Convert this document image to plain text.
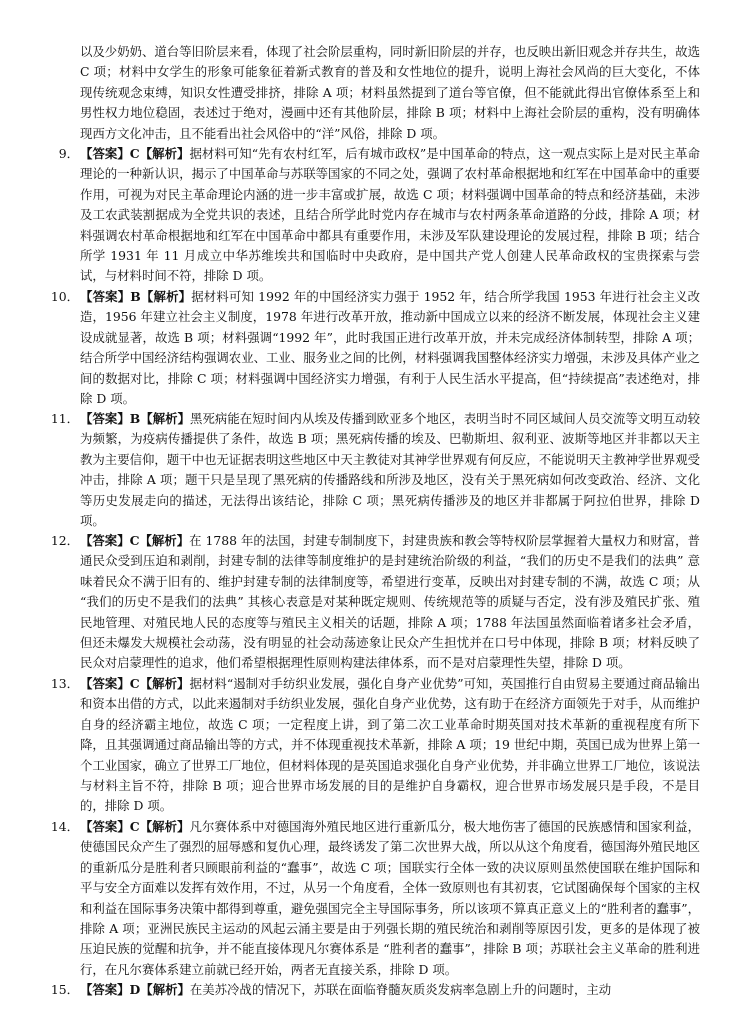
以及少奶奶、道台等旧阶层来看，体现了社会阶层重构，同时新旧阶层的并存，也反映出新旧观念并存共生，故选 C 项；材料中女学生的形象可能象征着新式教育的普及和女性地位的提升，说明上海社会风尚的巨大变化，不体现传统观念束缚，知识女性遭受排挤，排除 A 项；材料虽然提到了道台等官僚，但不能就此得出官僚体系至上和男性权力地位稳固，表述过于绝对，漫画中还有其他阶层，排除 B 项；材料中上海社会阶层的重构，没有明确体现西方文化冲击，且不能看出社会风俗中的“洋”风俗，排除 D 项。
9． 【答案】C【解析】据材料可知“先有农村红军，后有城市政权”是中国革命的特点，这一观点实际上是对民主革命理论的一种新认识，揭示了中国革命与苏联等国家的不同之处，强调了农村革命根据地和红军在中国革命中的重要作用，可视为对民主革命理论内涵的进一步丰富或扩展，故选 C 项；材料强调中国革命的特点和经济基础，未涉及工农武装割据成为全党共识的表述，且结合所学此时党内存在城市与农村两条革命道路的分歧，排除 A 项；材料强调农村革命根据地和红军在中国革命中都具有重要作用，未涉及军队建设理论的发展过程，排除 B 项；结合所学 1931 年 11 月成立中华苏维埃共和国临时中央政府，是中国共产党人创建人民革命政权的宝贵探索与尝试，与材料时间不符，排除 D 项。
10． 【答案】B【解析】据材料可知 1992 年的中国经济实力强于 1952 年，结合所学我国 1953 年进行社会主义改造，1956 年建立社会主义制度，1978 年进行改革开放，推动新中国成立以来的经济不断发展，体现社会主义建设成就显著，故选 B 项；材料强调“1992 年”，此时我国正进行改革开放，并未完成经济体制转型，排除 A 项；结合所学中国经济结构强调农业、工业、服务业之间的比例，材料强调我国整体经济实力增强，未涉及具体产业之间的数据对比，排除 C 项；材料强调中国经济实力增强，有利于人民生活水平提高，但“持续提高”表述绝对，排除 D 项。
11． 【答案】B【解析】黑死病能在短时间内从埃及传播到欧亚多个地区，表明当时不同区域间人员交流等文明互动较为频繁，为疫病传播提供了条件，故选 B 项；黑死病传播的埃及、巴勒斯坦、叙利亚、波斯等地区并非都以天主教为主要信仰，题干中也无证据表明这些地区中天主教徒对其神学世界观有何反应，不能说明天主教神学世界观受冲击，排除 A 项；题干只是呈现了黑死病的传播路线和所涉及地区，没有关于黑死病如何改变政治、经济、文化等历史发展走向的描述，无法得出该结论，排除 C 项；黑死病传播涉及的地区并非都属于阿拉伯世界，排除 D 项。
12． 【答案】C【解析】在 1788 年的法国，封建专制制度下，封建贵族和教会等特权阶层掌握着大量权力和财富，普通民众受到压迫和剥削，封建专制的法律等制度维护的是封建统治阶级的利益，“我们的历史不是我们的法典” 意味着民众不满于旧有的、维护封建专制的法律制度等，希望进行变革，反映出对封建专制的不满，故选 C 项；从 “我们的历史不是我们的法典” 其核心表意是对某种既定规则、传统规范等的质疑与否定，没有涉及殖民扩张、殖民地管理、对殖民地人民的态度等与殖民主义相关的话题，排除 A 项；1788 年法国虽然面临着诸多社会矛盾，但还未爆发大规模社会动荡，没有明显的社会动荡迹象让民众产生担忧并在口号中体现，排除 B 项；材料反映了民众对启蒙理性的追求，他们希望根据理性原则构建法律体系，而不是对启蒙理性失望，排除 D 项。
13． 【答案】C【解析】据材料“遏制对手纺织业发展，强化自身产业优势”可知，英国推行自由贸易主要通过商品输出和资本出借的方式，以此来遏制对手纺织业发展，强化自身产业优势，这有助于在经济方面领先于对手，从而维护自身的经济霸主地位，故选 C 项；一定程度上讲，到了第二次工业革命时期英国对技术革新的重视程度有所下降，且其强调通过商品输出等的方式，并不体现重视技术革新，排除 A 项；19 世纪中期，英国已成为世界上第一个工业国家，确立了世界工厂地位，但材料体现的是英国追求强化自身产业优势，并非确立世界工厂地位，该说法与材料主旨不符，排除 B 项；迎合世界市场发展的目的是维护自身霸权，迎合世界市场发展只是手段，不是目的，排除 D 项。
14． 【答案】C【解析】凡尔赛体系中对德国海外殖民地区进行重新瓜分，极大地伤害了德国的民族感情和国家利益，使德国民众产生了强烈的屈辱感和复仇心理，最终诱发了第二次世界大战，所以从这个角度看，德国海外殖民地区的重新瓜分是胜利者只顾眼前利益的“蠢事”，故选 C 项；国联实行全体一致的决议原则虽然使国联在维护国际和平与安全方面难以发挥有效作用，不过，从另一个角度看，全体一致原则也有其初衷，它试图确保每个国家的主权和利益在国际事务决策中都得到尊重，避免强国完全主导国际事务，所以该项不算真正意义上的“胜利者的蠢事”，排除 A 项；亚洲民族民主运动的风起云涌主要是由于列强长期的殖民统治和剥削等原因引发，更多的是体现了被压迫民族的觉醒和抗争，并不能直接体现凡尔赛体系是 “胜利者的蠢事”，排除 B 项；苏联社会主义革命的胜利进行，在凡尔赛体系建立前就已经开始，两者无直接关系，排除 D 项。
15． 【答案】D【解析】在美苏冷战的情况下，苏联在面临脊髓灰质炎发病率急剧上升的问题时，主动
